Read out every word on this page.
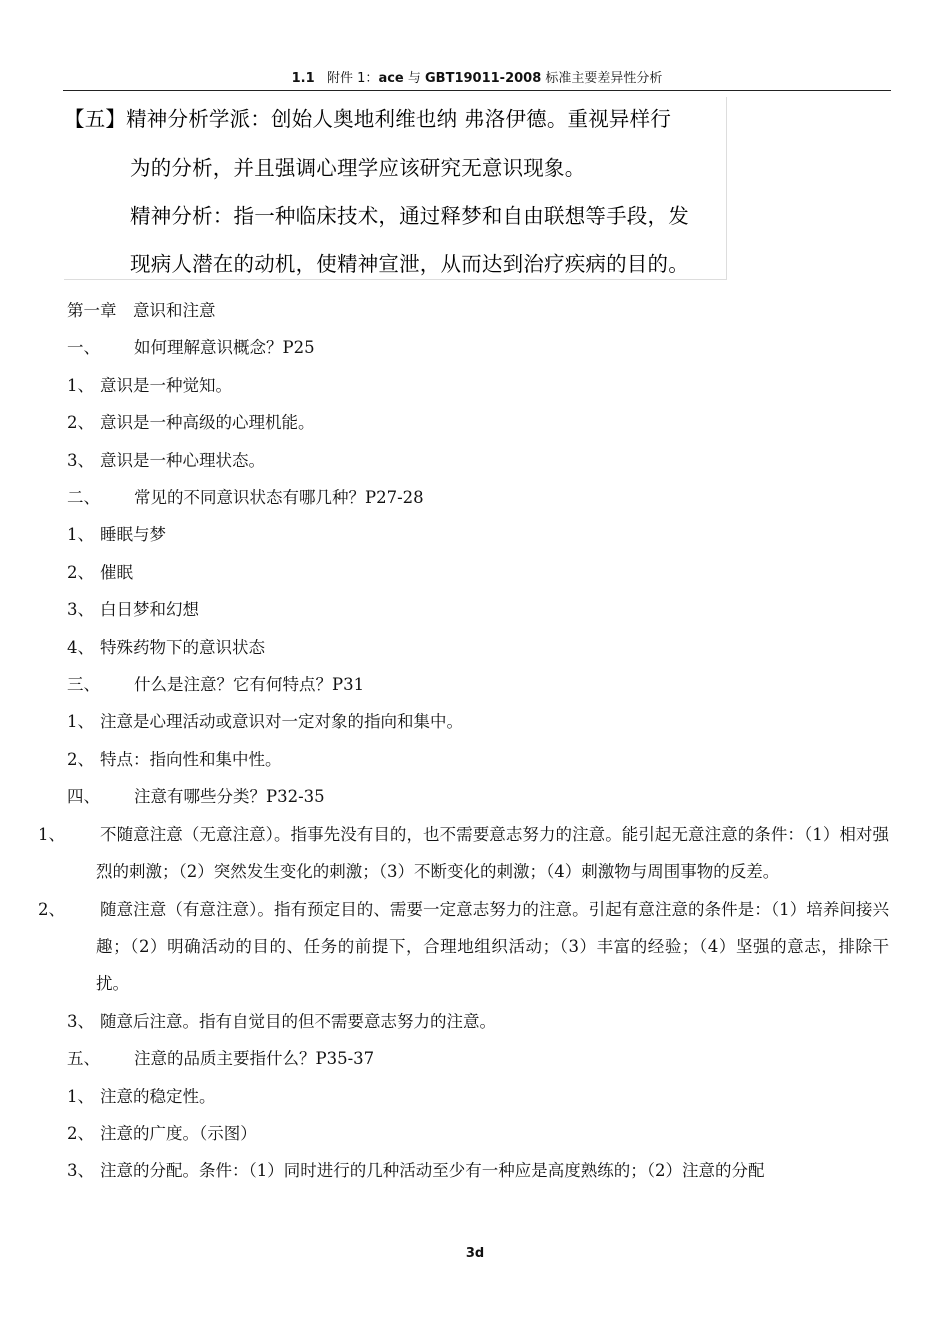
1.1 附件 1：ace 与 GBT19011-2008 标准主要差异性分析
【五】精神分析学派：创始人奥地利维也纳 弗洛伊德。重视异样行
为的分析，并且强调心理学应该研究无意识现象。
精神分析：指一种临床技术，通过释梦和自由联想等手段，发
现病人潜在的动机，使精神宣泄，从而达到治疗疾病的目的。
第一章　意识和注意
一、 如何理解意识概念？P25
1、 意识是一种觉知。
2、 意识是一种高级的心理机能。
3、 意识是一种心理状态。
二、 常见的不同意识状态有哪几种？P27-28
1、 睡眠与梦
2、 催眠
3、 白日梦和幻想
4、 特殊药物下的意识状态
三、 什么是注意？它有何特点？P31
1、 注意是心理活动或意识对一定对象的指向和集中。
2、 特点：指向性和集中性。
四、 注意有哪些分类？P32-35
1、 不随意注意（无意注意）。指事先没有目的，也不需要意志努力的注意。能引起无意注意的条件：（1）相对强烈的刺激；（2）突然发生变化的刺激；（3）不断变化的刺激；（4）刺激物与周围事物的反差。
2、 随意注意（有意注意）。指有预定目的、需要一定意志努力的注意。引起有意注意的条件是：（1）培养间接兴趣；（2）明确活动的目的、任务的前提下，合理地组织活动；（3）丰富的经验；（4）坚强的意志，排除干扰。
3、 随意后注意。指有自觉目的但不需要意志努力的注意。
五、 注意的品质主要指什么？P35-37
1、 注意的稳定性。
2、 注意的广度。（示图）
3、 注意的分配。条件：（1）同时进行的几种活动至少有一种应是高度熟练的；（2）注意的分配
3d
